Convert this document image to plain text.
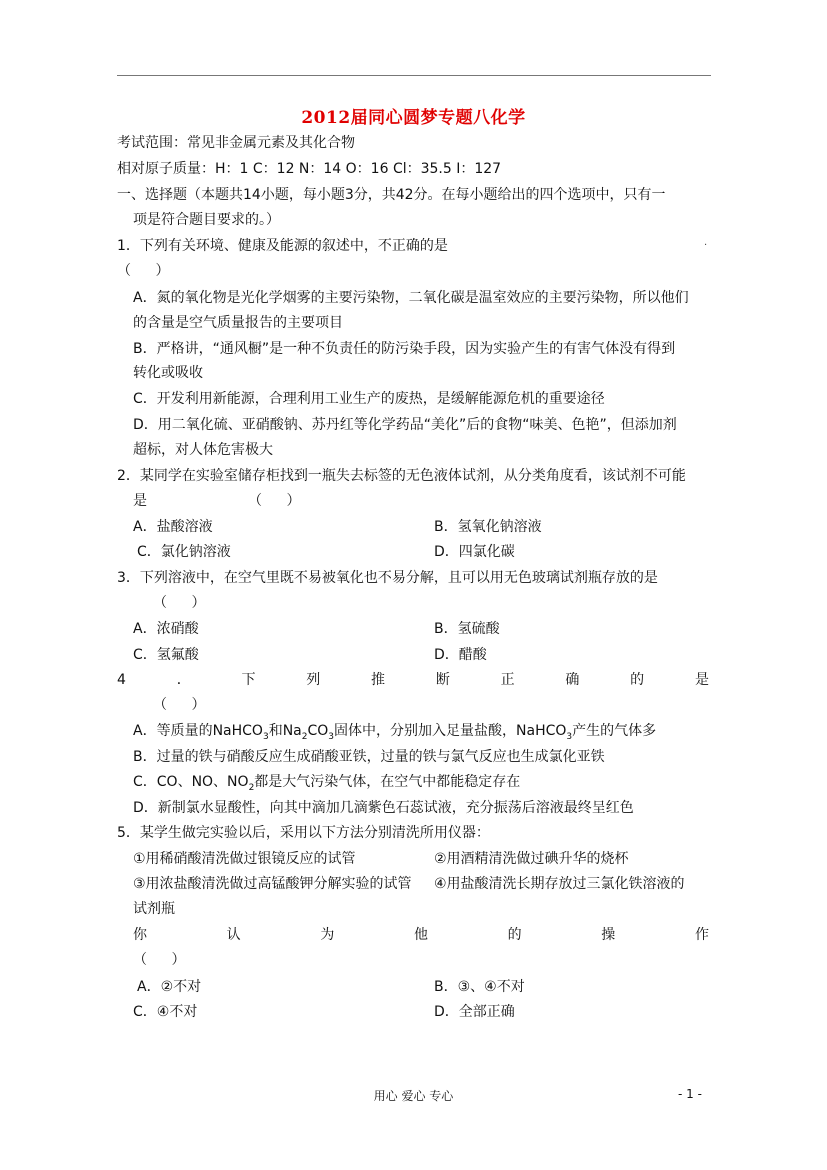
2012届同心圆梦专题八化学
考试范围：常见非金属元素及其化合物
相对原子质量：H：1 C：12 N：14 O：16 Cl：35.5 I：127
一、选择题（本题共14小题，每小题3分，共42分。在每小题给出的四个选项中，只有一
项是符合题目要求的。）
1．下列有关环境、健康及能源的叙述中，不正确的是	.
（ ）
A．氮的氧化物是光化学烟雾的主要污染物，二氧化碳是温室效应的主要污染物，所以他们
的含量是空气质量报告的主要项目
B．严格讲，“通风橱”是一种不负责任的防污染手段，因为实验产生的有害气体没有得到
转化或吸收
C．开发利用新能源，合理利用工业生产的废热，是缓解能源危机的重要途径
D．用二氧化硫、亚硝酸钠、苏丹红等化学药品“美化”后的食物“味美、色艳”，但添加剂
超标，对人体危害极大
2．某同学在实验室储存柜找到一瓶失去标签的无色液体试剂，从分类角度看，该试剂不可能
是	（ ）
A．盐酸溶液	B．氢氧化钠溶液
C．氯化钠溶液	D．四氯化碳
3．下列溶液中，在空气里既不易被氧化也不易分解，且可以用无色玻璃试剂瓶存放的是
（ ）
A．浓硝酸	B．氢硫酸
C．氢氟酸	D．醋酸
4	．	下	列	推	断	正	确	的	是
（ ）
A．等质量的NaHCO$_3$和$Na_2CO_3$固体中，分别加入足量盐酸，NaHCO$_3$产生的气体多
B．过量的铁与硝酸反应生成硝酸亚铁，过量的铁与氯气反应也生成氯化亚铁
C．CO、NO、$NO_2$都是大气污染气体，在空气中都能稳定存在
D．新制氯水显酸性，向其中滴加几滴紫色石蕊试液，充分振荡后溶液最终呈红色
5．某学生做完实验以后，采用以下方法分别清洗所用仪器：
①用稀硝酸清洗做过银镜反应的试管	②用酒精清洗做过碘升华的烧杯
③用浓盐酸清洗做过高锰酸钾分解实验的试管 ④用盐酸清洗长期存放过三氯化铁溶液的
试剂瓶
你	认	为	他	的	操	作
（ ）
A．②不对	B．③、④不对
C．④不对	D．全部正确
用心 爱心 专心	- 1 -
